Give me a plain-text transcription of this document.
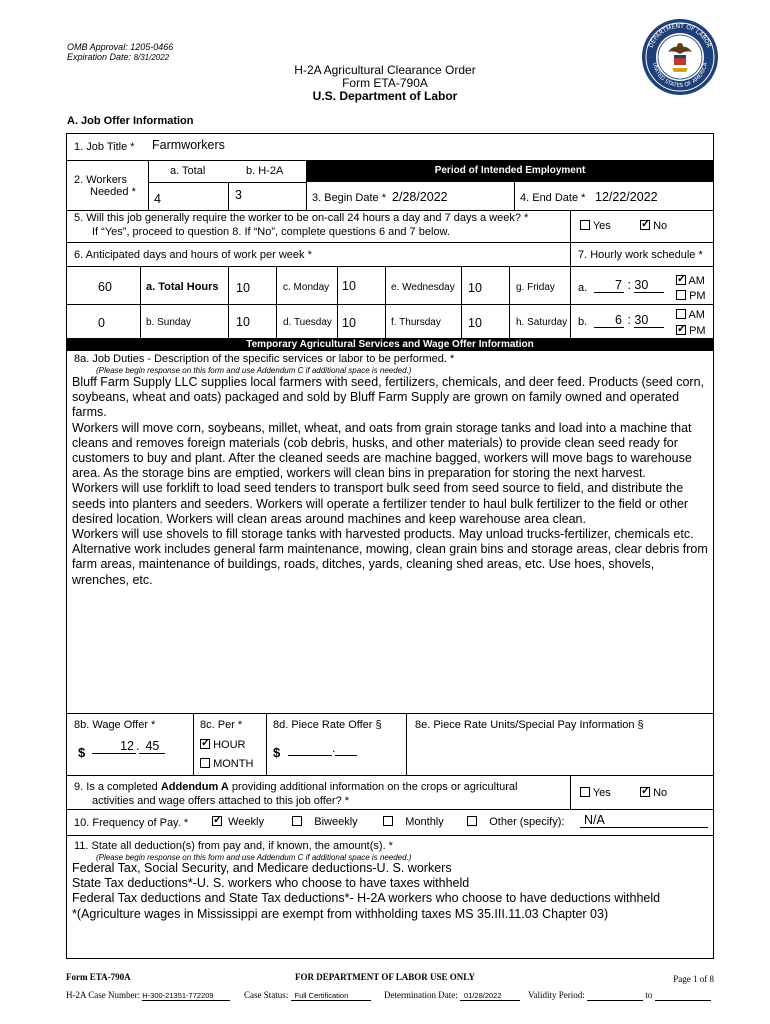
OMB Approval: 1205-0466
Expiration Date: 8/31/2022
H-2A Agricultural Clearance Order
Form ETA-790A
U.S. Department of Labor
DEPARTMENT OF LABOR
UNITED STATES OF AMERICA
A. Job Offer Information
1. Job Title * Farmworkers
2. Workers
Needed *
a. Total	b. H-2A
4	3
Period of Intended Employment
3. Begin Date * 2/28/2022	4. End Date * 12/22/2022
5. Will this job generally require the worker to be on-call 24 hours a day and 7 days a week? *
If “Yes”, proceed to question 8. If “No”, complete questions 6 and 7 below.	Yes ✓	No
6. Anticipated days and hours of work per week *	7. Hourly work schedule *
60	a. Total Hours 10	c. Monday 10	e. Wednesday 10	g. Friday a.	7 : 30 ✓	AM
PM
0	b. Sunday	10	d. Tuesday 10	f. Thursday 10	h. Saturday b.	6 : 30	AM
✓ PM
Temporary Agricultural Services and Wage Offer Information
8a. Job Duties - Description of the specific services or labor to be performed. *
(Please begin response on this form and use Addendum C if additional space is needed.)

Bluff Farm Supply LLC supplies local farmers with seed, fertilizers, chemicals, and deer feed. Products (seed corn, soybeans, wheat and oats) packaged and sold by Bluff Farm Supply are grown on family owned and operated farms.

Workers will move corn, soybeans, millet, wheat, and oats from grain storage tanks and load into a machine that cleans and removes foreign materials (cob debris, husks, and other materials) to provide clean seed ready for customers to buy and plant. After the cleaned seeds are machine bagged, workers will move bags to warehouse area. As the storage bins are emptied, workers will clean bins in preparation for storing the next harvest.

Workers will use forklift to load seed tenders to transport bulk seed from seed source to field, and distribute the seeds into planters and seeders. Workers will operate a fertilizer tender to haul bulk fertilizer to the field or other desired location. Workers will clean areas around machines and keep warehouse area clean.

Workers will use shovels to fill storage tanks with harvested products. May unload trucks-fertilizer, chemicals etc. Alternative work includes general farm maintenance, mowing, clean grain bins and storage areas, clear debris from farm areas, maintenance of buildings, roads, ditches, yards, cleaning shed areas, etc. Use hoes, shovels, wrenches, etc.

8b. Wage Offer *
$	12 . 45
8c. Per *
✓ HOUR
MONTH
8d. Piece Rate Offer §
$	.
8e. Piece Rate Units/Special Pay Information §
9. Is a completed Addendum A providing additional information on the crops or agricultural
activities and wage offers attached to this job offer? *
Yes ✓	No
10. Frequency of Pay. * ✓	Weekly	Biweekly	Monthly	Other (specify):	N/A
11. State all deduction(s) from pay and, if known, the amount(s). *
(Please begin response on this form and use Addendum C if additional space is needed.)

Federal Tax, Social Security, and Medicare deductions-U. S. workers

State Tax deductions*-U. S. workers who choose to have taxes withheld

Federal Tax deductions and State Tax deductions*- H-2A workers who choose to have deductions withheld

*(Agriculture wages in Mississippi are exempt from withholding taxes MS 35.III.11.03 Chapter 03)

Form ETA-790A	FOR DEPARTMENT OF LABOR USE ONLY	Page 1 of 8
H-2A Case Number: H-300-21351-772209	Case Status: Full Certification	Determination Date: 01/28/2022	Validity Period:	to
